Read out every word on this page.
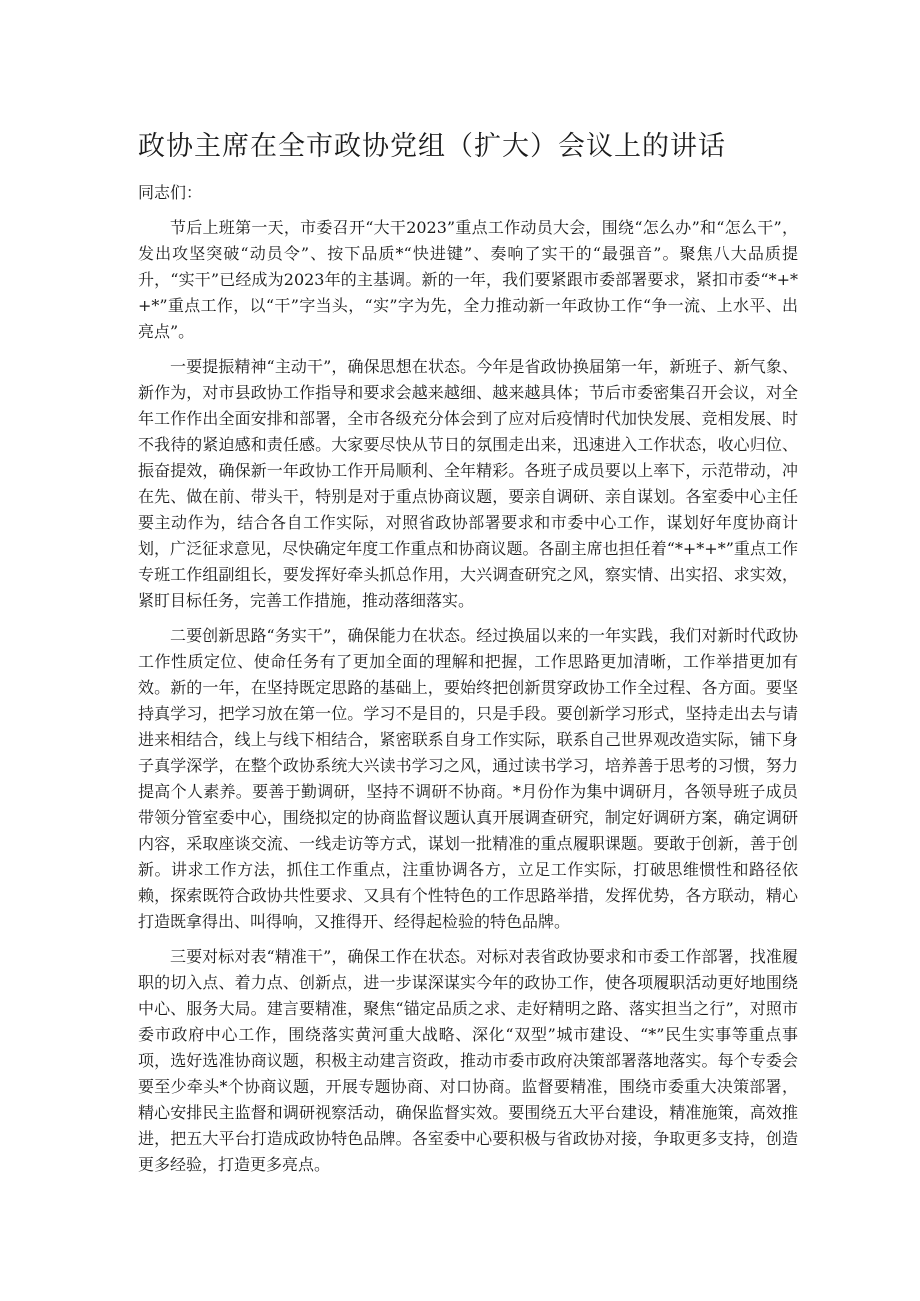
政协主席在全市政协党组（扩大）会议上的讲话

同志们：

节后上班第一天，市委召开“大干2023”重点工作动员大会，围绕“怎么办”和“怎么干”，发出攻坚突破“动员令”、按下品质*“快进键”、奏响了实干的“最强音”。聚焦八大品质提升，“实干”已经成为2023年的主基调。新的一年，我们要紧跟市委部署要求，紧扣市委“*+*+*”重点工作，以“干”字当头，“实”字为先，全力推动新一年政协工作“争一流、上水平、出亮点”。

一要提振精神“主动干”，确保思想在状态。今年是省政协换届第一年，新班子、新气象、新作为，对市县政协工作指导和要求会越来越细、越来越具体；节后市委密集召开会议，对全年工作作出全面安排和部署，全市各级充分体会到了应对后疫情时代加快发展、竞相发展、时不我待的紧迫感和责任感。大家要尽快从节日的氛围走出来，迅速进入工作状态，收心归位、振奋提效，确保新一年政协工作开局顺利、全年精彩。各班子成员要以上率下，示范带动，冲在先、做在前、带头干，特别是对于重点协商议题，要亲自调研、亲自谋划。各室委中心主任要主动作为，结合各自工作实际，对照省政协部署要求和市委中心工作，谋划好年度协商计划，广泛征求意见，尽快确定年度工作重点和协商议题。各副主席也担任着“*+*+*”重点工作专班工作组副组长，要发挥好牵头抓总作用，大兴调查研究之风，察实情、出实招、求实效，紧盯目标任务，完善工作措施，推动落细落实。

二要创新思路“务实干”，确保能力在状态。经过换届以来的一年实践，我们对新时代政协工作性质定位、使命任务有了更加全面的理解和把握，工作思路更加清晰，工作举措更加有效。新的一年，在坚持既定思路的基础上，要始终把创新贯穿政协工作全过程、各方面。要坚持真学习，把学习放在第一位。学习不是目的，只是手段。要创新学习形式，坚持走出去与请进来相结合，线上与线下相结合，紧密联系自身工作实际，联系自己世界观改造实际，铺下身子真学深学，在整个政协系统大兴读书学习之风，通过读书学习，培养善于思考的习惯，努力提高个人素养。要善于勤调研，坚持不调研不协商。*月份作为集中调研月，各领导班子成员带领分管室委中心，围绕拟定的协商监督议题认真开展调查研究，制定好调研方案，确定调研内容，采取座谈交流、一线走访等方式，谋划一批精准的重点履职课题。要敢于创新，善于创新。讲求工作方法，抓住工作重点，注重协调各方，立足工作实际，打破思维惯性和路径依赖，探索既符合政协共性要求、又具有个性特色的工作思路举措，发挥优势，各方联动，精心打造既拿得出、叫得响，又推得开、经得起检验的特色品牌。

三要对标对表“精准干”，确保工作在状态。对标对表省政协要求和市委工作部署，找准履职的切入点、着力点、创新点，进一步谋深谋实今年的政协工作，使各项履职活动更好地围绕中心、服务大局。建言要精准，聚焦“锚定品质之求、走好精明之路、落实担当之行”，对照市委市政府中心工作，围绕落实黄河重大战略、深化“双型”城市建设、“*”民生实事等重点事项，选好选准协商议题，积极主动建言资政，推动市委市政府决策部署落地落实。每个专委会要至少牵头*个协商议题，开展专题协商、对口协商。监督要精准，围绕市委重大决策部署，精心安排民主监督和调研视察活动，确保监督实效。要围绕五大平台建设，精准施策，高效推进，把五大平台打造成政协特色品牌。各室委中心要积极与省政协对接，争取更多支持，创造更多经验，打造更多亮点。
